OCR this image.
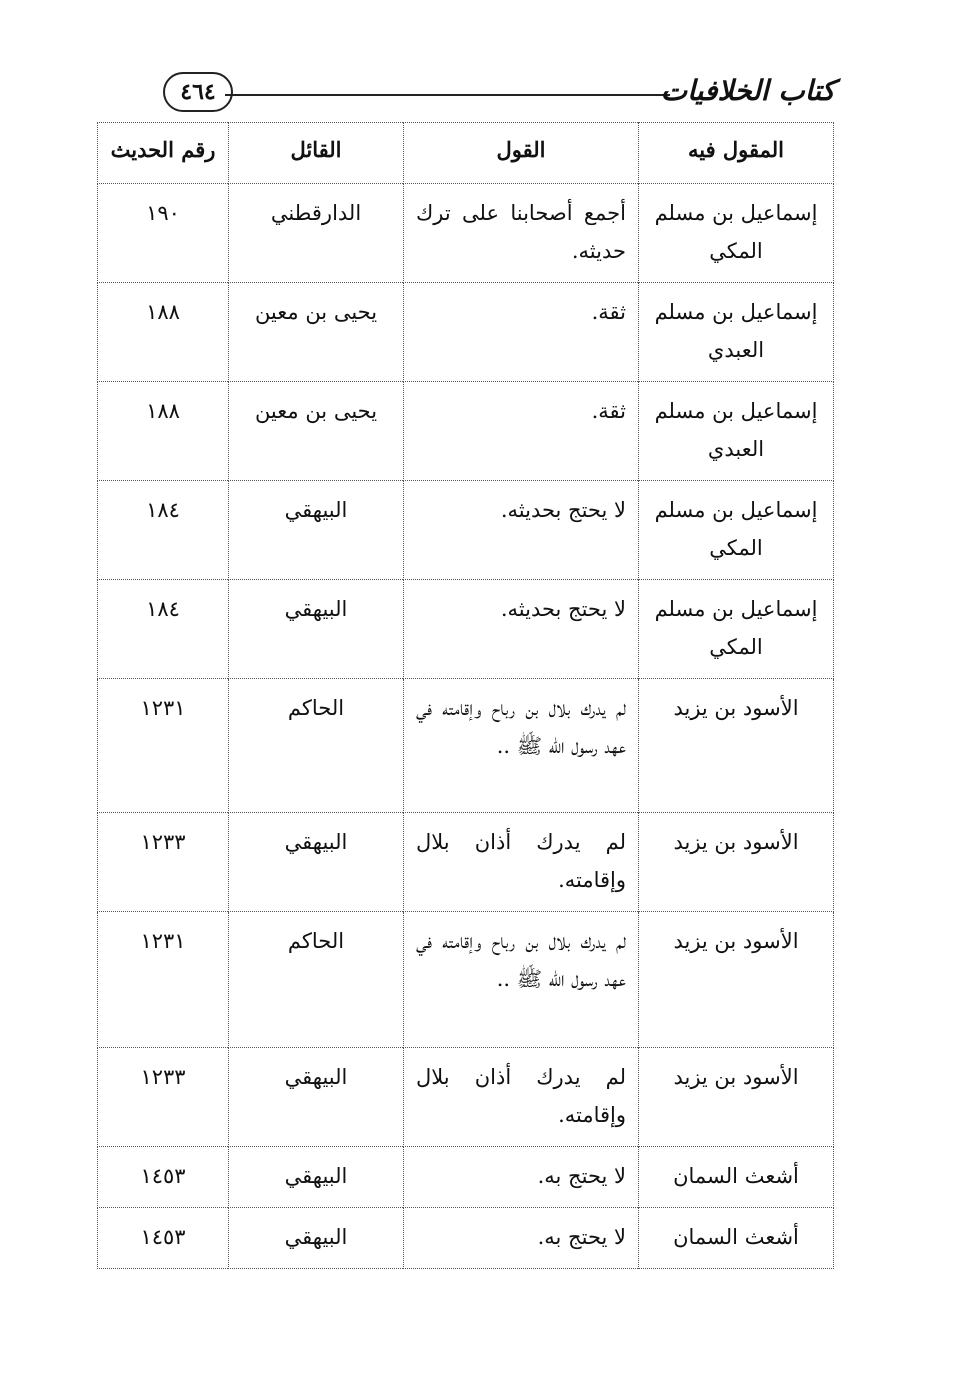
٤٦٤	كتاب الخلافيات
المقول فيه	القول	القائل	رقم الحديث
إسماعيل بن مسلم المكي	أجمع أصحابنا على ترك حديثه.	الدارقطني	١٩٠
إسماعيل بن مسلم العبدي	ثقة.	يحيى بن معين	١٨٨
إسماعيل بن مسلم العبدي	ثقة.	يحيى بن معين	١٨٨
إسماعيل بن مسلم المكي	لا يحتج بحديثه.	البيهقي	١٨٤
إسماعيل بن مسلم المكي	لا يحتج بحديثه.	البيهقي	١٨٤
الأسود بن يزيد	لم يدرك بلال بن رباح وإقامته في عهد رسول الله ﷺ ..	الحاكم	١٢٣١
الأسود بن يزيد	لم يدرك أذان بلال وإقامته.	البيهقي	١٢٣٣
الأسود بن يزيد	لم يدرك بلال بن رباح وإقامته في عهد رسول الله ﷺ ..	الحاكم	١٢٣١
الأسود بن يزيد	لم يدرك أذان بلال وإقامته.	البيهقي	١٢٣٣
أشعث السمان	لا يحتج به.	البيهقي	١٤٥٣
أشعث السمان	لا يحتج به.	البيهقي	١٤٥٣
